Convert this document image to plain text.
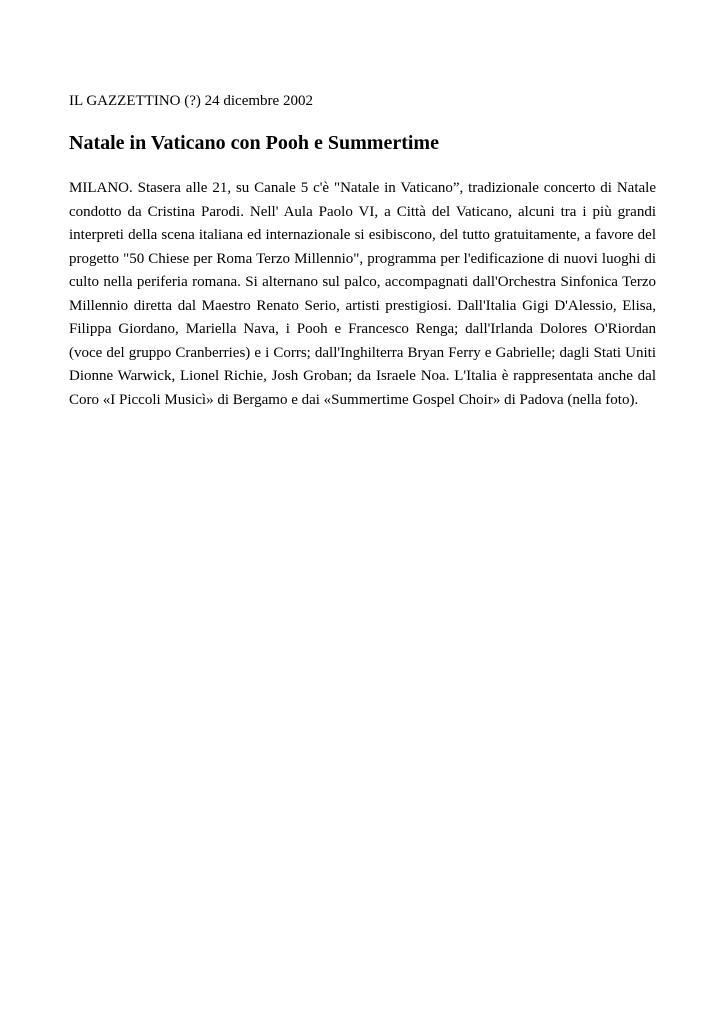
IL GAZZETTINO (?) 24 dicembre 2002
Natale in Vaticano con Pooh e Summertime

MILANO. Stasera alle 21, su Canale 5 c'è "Natale in Vaticano”, tradizionale concerto di Natale condotto da Cristina Parodi. Nell' Aula Paolo VI, a Città del Vaticano, alcuni tra i più grandi interpreti della scena italiana ed internazionale si esibiscono, del tutto gratuitamente, a favore del progetto "50 Chiese per Roma Terzo Millennio", programma per l'edificazione di nuovi luoghi di culto nella periferia romana. Si alternano sul palco, accompagnati dall'Orchestra Sinfonica Terzo Millennio diretta dal Maestro Renato Serio, artisti prestigiosi. Dall'Italia Gigi D'Alessio, Elisa, Filippa Giordano, Mariella Nava, i Pooh e Francesco Renga; dall'Irlanda Dolores O'Riordan (voce del gruppo Cranberries) e i Corrs; dall'Inghilterra Bryan Ferry e Gabrielle; dagli Stati Uniti Dionne Warwick, Lionel Richie, Josh Groban; da Israele Noa. L'Italia è rappresentata anche dal Coro «I Piccoli Musicì» di Bergamo e dai «Summertime Gospel Choir» di Padova (nella foto).
